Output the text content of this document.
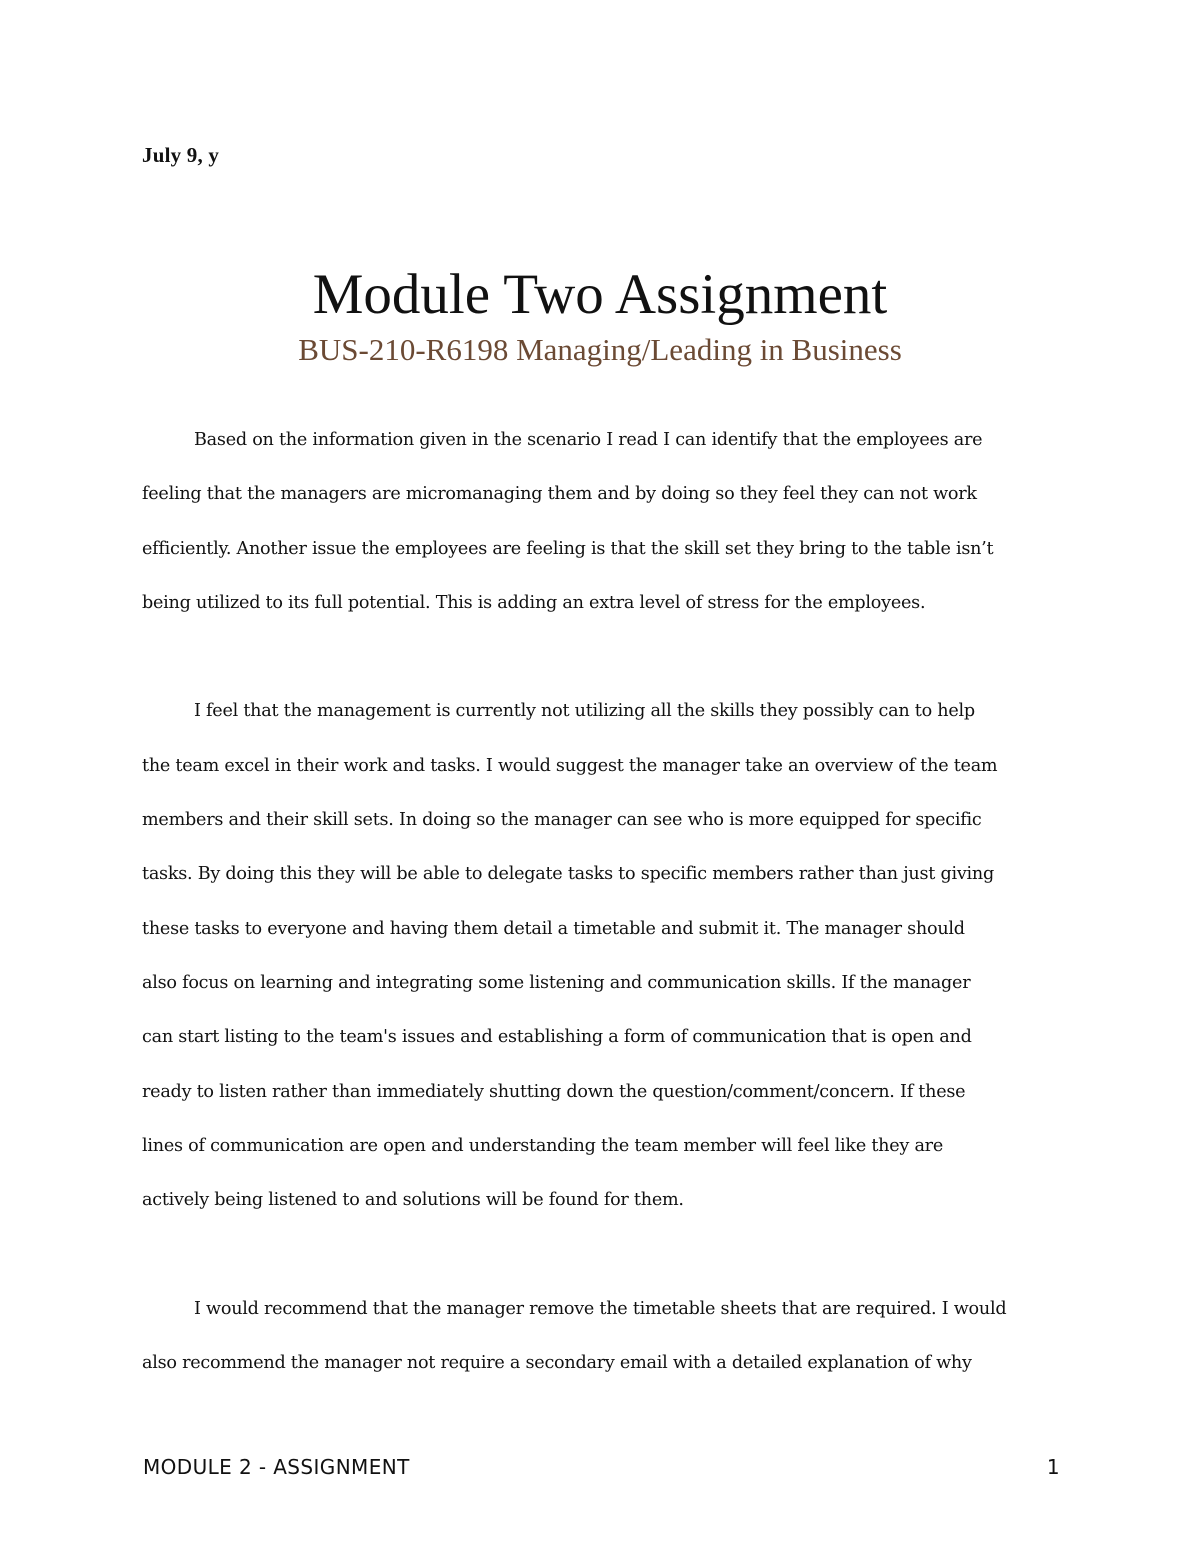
July 9, y
Module Two Assignment
BUS-210-R6198 Managing/Leading in Business
Based on the information given in the scenario I read I can identify that the employees are
feeling that the managers are micromanaging them and by doing so they feel they can not work
efficiently. Another issue the employees are feeling is that the skill set they bring to the table isn’t
being utilized to its full potential. This is adding an extra level of stress for the employees.
I feel that the management is currently not utilizing all the skills they possibly can to help
the team excel in their work and tasks. I would suggest the manager take an overview of the team
members and their skill sets. In doing so the manager can see who is more equipped for specific
tasks. By doing this they will be able to delegate tasks to specific members rather than just giving
these tasks to everyone and having them detail a timetable and submit it. The manager should
also focus on learning and integrating some listening and communication skills. If the manager
can start listing to the team's issues and establishing a form of communication that is open and
ready to listen rather than immediately shutting down the question/comment/concern. If these
lines of communication are open and understanding the team member will feel like they are
actively being listened to and solutions will be found for them.
I would recommend that the manager remove the timetable sheets that are required. I would
also recommend the manager not require a secondary email with a detailed explanation of why
MODULE 2 - ASSIGNMENT	1
